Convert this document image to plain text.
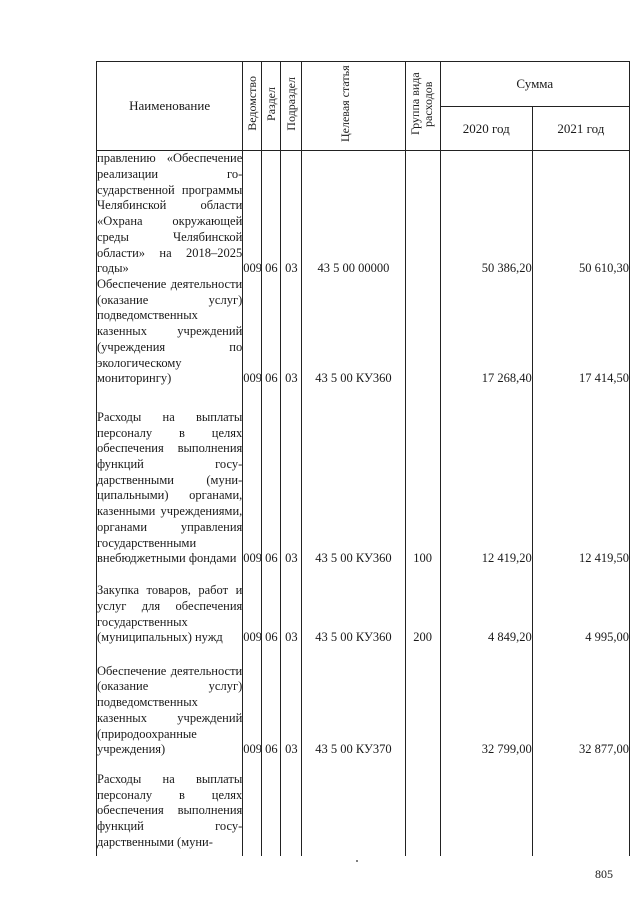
Наименование	Ведомство	Раздел	Подраздел	Целевая статья	Группа вида расходов	Сумма	
						2020 год	2021 год
правлению «Обеспечение реализации государственной программы Челябинской области «Охрана окружающей среды Челябинской области» на 2018–2025 годы»	009	06	03	43 5 00 00000		50 386,20	50 610,30
Обеспечение деятельности (оказание услуг) подведомственных казенных учреждений (учреждения по экологическому мониторингу)	009	06	03	43 5 00 КУ360		17 268,40	17 414,50
Расходы на выплаты персоналу в целях обеспечения выполнения функций государственными (муниципальными) органами, казенными учреждениями, органами управления государственными внебюджетными фондами	009	06	03	43 5 00 КУ360	100	12 419,20	12 419,50
Закупка товаров, работ и услуг для обеспечения государственных (муниципальных) нужд	009	06	03	43 5 00 КУ360	200	4 849,20	4 995,00
Обеспечение деятельности (оказание услуг) подведомственных казенных учреждений (природоохранные учреждения)	009	06	03	43 5 00 КУ370		32 799,00	32 877,00
Расходы на выплаты персоналу в целях обеспечения выполнения функций государственными (муни-							
805
